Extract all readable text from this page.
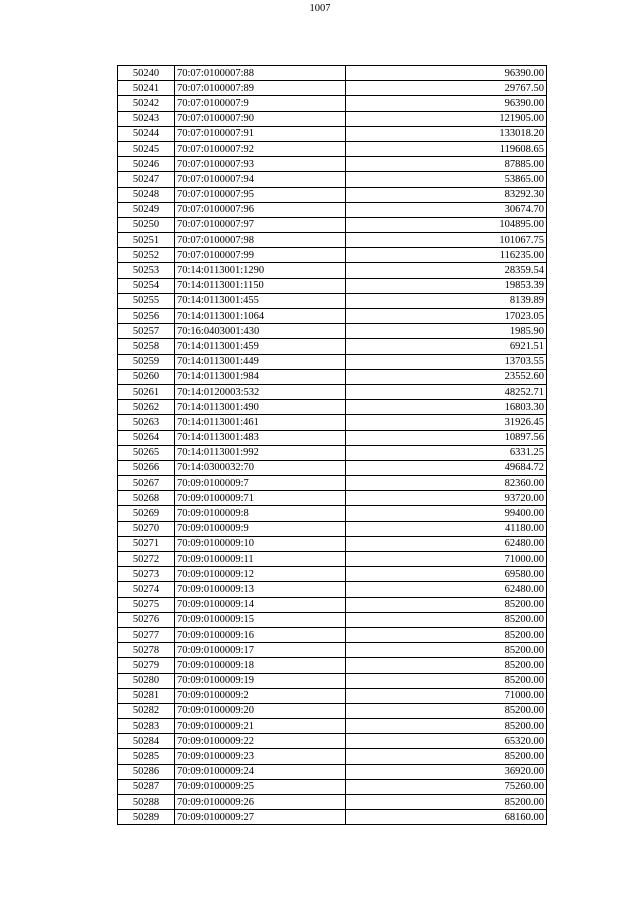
1007
50240	70:07:0100007:88	96390.00
50241	70:07:0100007:89	29767.50
50242	70:07:0100007:9	96390.00
50243	70:07:0100007:90	121905.00
50244	70:07:0100007:91	133018.20
50245	70:07:0100007:92	119608.65
50246	70:07:0100007:93	87885.00
50247	70:07:0100007:94	53865.00
50248	70:07:0100007:95	83292.30
50249	70:07:0100007:96	30674.70
50250	70:07:0100007:97	104895.00
50251	70:07:0100007:98	101067.75
50252	70:07:0100007:99	116235.00
50253	70:14:0113001:1290	28359.54
50254	70:14:0113001:1150	19853.39
50255	70:14:0113001:455	8139.89
50256	70:14:0113001:1064	17023.05
50257	70:16:0403001:430	1985.90
50258	70:14:0113001:459	6921.51
50259	70:14:0113001:449	13703.55
50260	70:14:0113001:984	23552.60
50261	70:14:0120003:532	48252.71
50262	70:14:0113001:490	16803.30
50263	70:14:0113001:461	31926.45
50264	70:14:0113001:483	10897.56
50265	70:14:0113001:992	6331.25
50266	70:14:0300032:70	49684.72
50267	70:09:0100009:7	82360.00
50268	70:09:0100009:71	93720.00
50269	70:09:0100009:8	99400.00
50270	70:09:0100009:9	41180.00
50271	70:09:0100009:10	62480.00
50272	70:09:0100009:11	71000.00
50273	70:09:0100009:12	69580.00
50274	70:09:0100009:13	62480.00
50275	70:09:0100009:14	85200.00
50276	70:09:0100009:15	85200.00
50277	70:09:0100009:16	85200.00
50278	70:09:0100009:17	85200.00
50279	70:09:0100009:18	85200.00
50280	70:09:0100009:19	85200.00
50281	70:09:0100009:2	71000.00
50282	70:09:0100009:20	85200.00
50283	70:09:0100009:21	85200.00
50284	70:09:0100009:22	65320.00
50285	70:09:0100009:23	85200.00
50286	70:09:0100009:24	36920.00
50287	70:09:0100009:25	75260.00
50288	70:09:0100009:26	85200.00
50289	70:09:0100009:27	68160.00
